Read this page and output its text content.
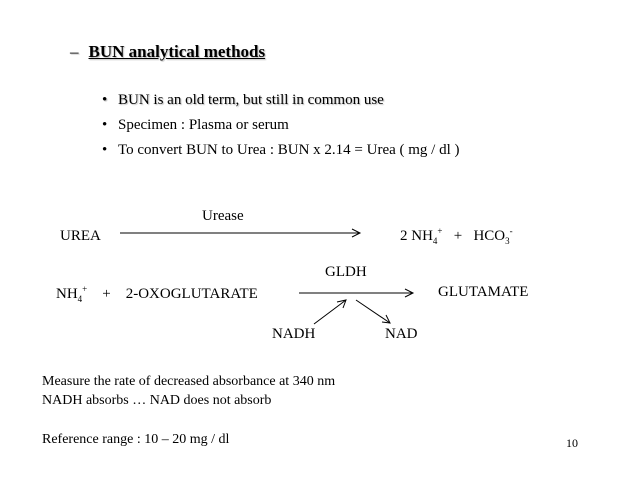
– BUN analytical methods
• BUN is an old term, but still in common use
• Specimen : Plasma or serum
• To convert BUN to Urea : BUN x 2.14 = Urea ( mg / dl )
Urease
UREA	2 $NH_4^+ + HCO_3^-$
GLDH
$NH_4^+$ + 2-OXOGLUTARATE	GLUTAMATE
NADH	NAD
Measure the rate of decreased absorbance at 340 nm
NADH absorbs … NAD does not absorb
Reference range : 10 – 20 mg / dl	10
